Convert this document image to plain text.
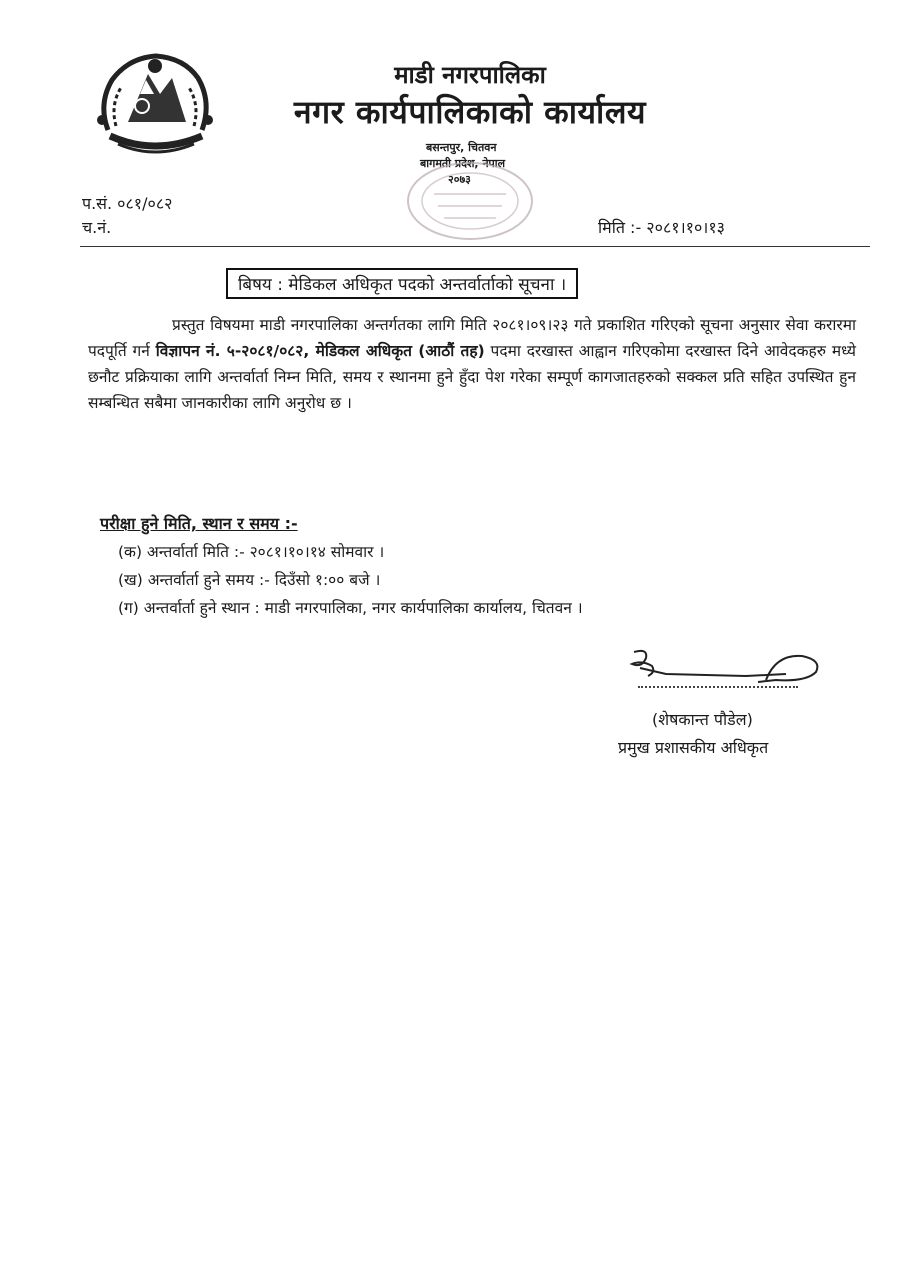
माडी नगरपालिका
नगर कार्यपालिकाको कार्यालय
बसन्तपुर, चितवन
बागमती प्रदेश, नेपाल
२०७३
प.सं. ०८१/०८२
च.नं.	मिति :- २०८१।१०।१३
बिषय : मेडिकल अधिकृत पदको अन्तर्वार्ताको सूचना ।
प्रस्तुत विषयमा माडी नगरपालिका अन्तर्गतका लागि मिति २०८१।०९।२३ गते प्रकाशित गरिएको सूचना अनुसार सेवा करारमा पदपूर्ति गर्न विज्ञापन नं. ५-२०८१/०८२, मेडिकल अधिकृत (आठौं तह) पदमा दरखास्त आह्वान गरिएकोमा दरखास्त दिने आवेदकहरु मध्ये छनौट प्रक्रियाका लागि अन्तर्वार्ता निम्न मिति, समय र स्थानमा हुने हुँदा पेश गरेका सम्पूर्ण कागजातहरुको सक्कल प्रति सहित उपस्थित हुन सम्बन्धित सबैमा जानकारीका लागि अनुरोध छ ।
परीक्षा हुने मिति, स्थान र समय :-
(क) अन्तर्वार्ता मिति :- २०८१।१०।१४ सोमवार ।
(ख) अन्तर्वार्ता हुने समय :- दिउँसो १:०० बजे ।
(ग) अन्तर्वार्ता हुने स्थान : माडी नगरपालिका, नगर कार्यपालिका कार्यालय, चितवन ।
(शेषकान्त पौडेल)
प्रमुख प्रशासकीय अधिकृत
